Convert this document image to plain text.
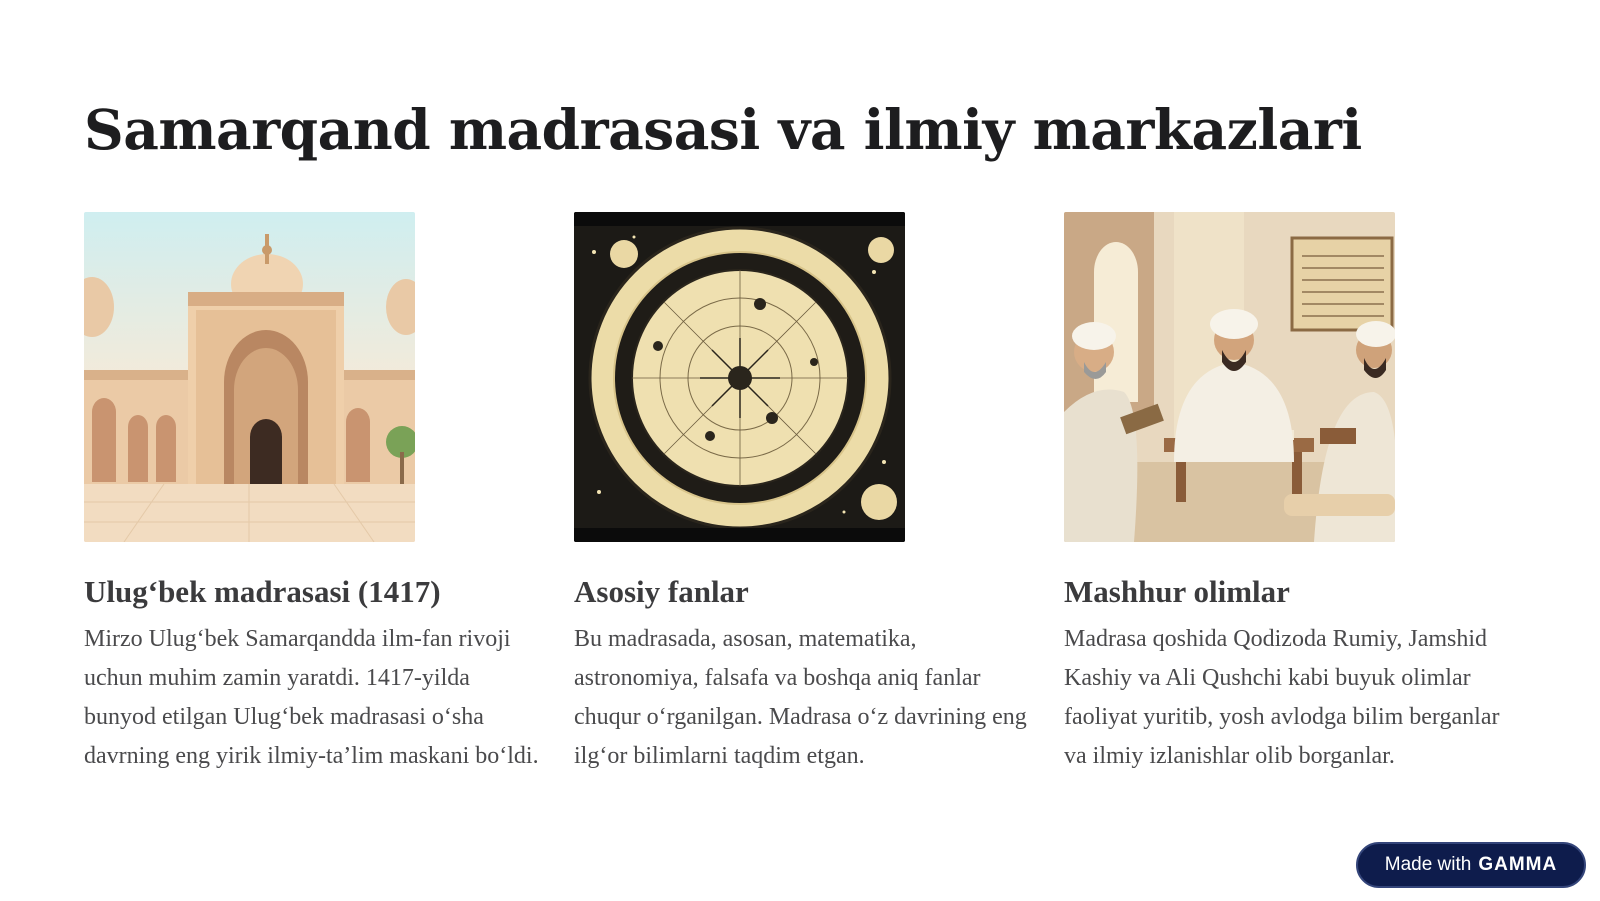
Samarqand madrasasi va ilmiy markazlari
Ulug‘bek madrasasi (1417)

Mirzo Ulug‘bek Samarqandda ilm-fan rivoji uchun muhim zamin yaratdi. 1417-yilda bunyod etilgan Ulug‘bek madrasasi o‘sha davrning eng yirik ilmiy-ta’lim maskani bo‘ldi.

Asosiy fanlar

Bu madrasada, asosan, matematika, astronomiya, falsafa va boshqa aniq fanlar chuqur o‘rganilgan. Madrasa o‘z davrining eng ilg‘or bilimlarni taqdim etgan.

Mashhur olimlar

Madrasa qoshida Qodizoda Rumiy, Jamshid Kashiy va Ali Qushchi kabi buyuk olimlar faoliyat yuritib, yosh avlodga bilim berganlar va ilmiy izlanishlar olib borganlar.

Made with GAMMA
